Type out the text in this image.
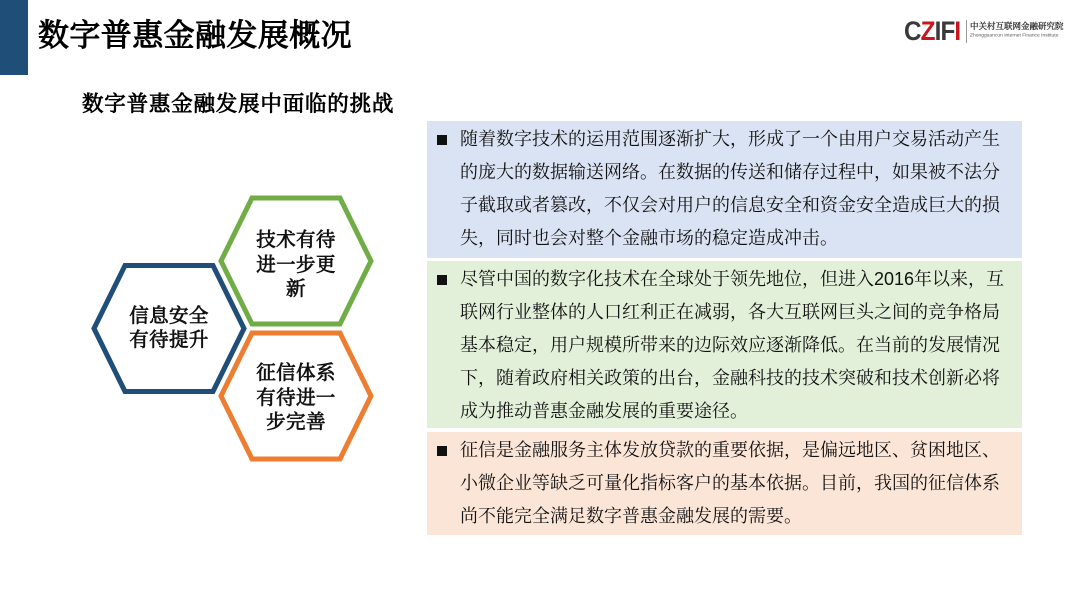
数字普惠金融发展概况	CZIFI 中关村互联网金融研究院
Zhongguancun Internet Finance Institute
数字普惠金融发展中面临的挑战
技术有待
进一步更
新
信息安全
有待提升
征信体系
有待进一
步完善
随着数字技术的运用范围逐渐扩大，形成了一个由用户交易活动产生
的庞大的数据输送网络。在数据的传送和储存过程中，如果被不法分
子截取或者篡改，不仅会对用户的信息安全和资金安全造成巨大的损
失，同时也会对整个金融市场的稳定造成冲击。
尽管中国的数字化技术在全球处于领先地位，但进入2016年以来，互
联网行业整体的人口红利正在减弱，各大互联网巨头之间的竞争格局
基本稳定，用户规模所带来的边际效应逐渐降低。在当前的发展情况
下，随着政府相关政策的出台，金融科技的技术突破和技术创新必将
成为推动普惠金融发展的重要途径。
征信是金融服务主体发放贷款的重要依据，是偏远地区、贫困地区、
小微企业等缺乏可量化指标客户的基本依据。目前，我国的征信体系
尚不能完全满足数字普惠金融发展的需要。
